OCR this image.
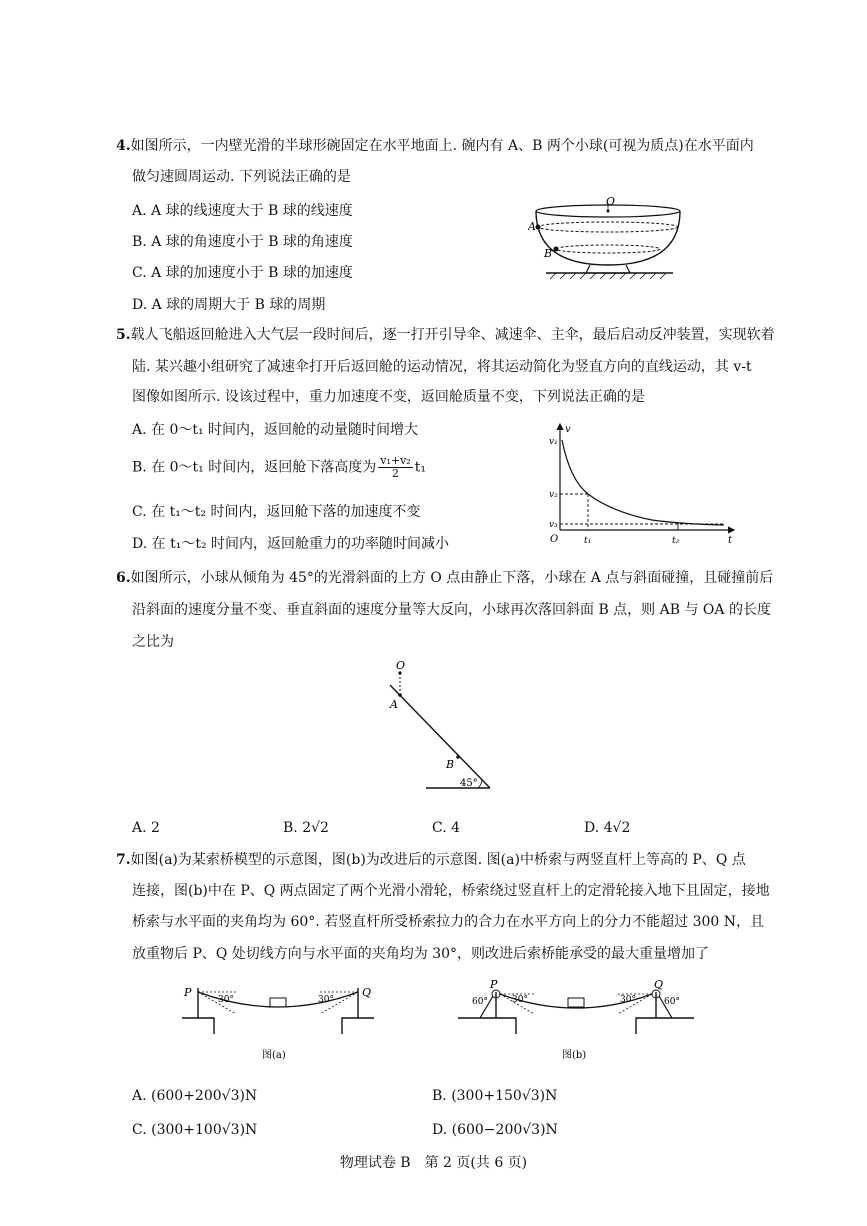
4.如图所示，一内壁光滑的半球形碗固定在水平地面上. 碗内有 A、B 两个小球(可视为质点)在水平面内
做匀速圆周运动. 下列说法正确的是
A. A 球的线速度大于 B 球的线速度
B. A 球的角速度小于 B 球的角速度
C. A 球的加速度小于 B 球的加速度
D. A 球的周期大于 B 球的周期
O
A
B
5.载人飞船返回舱进入大气层一段时间后，逐一打开引导伞、减速伞、主伞，最后启动反冲装置，实现软着
陆. 某兴趣小组研究了减速伞打开后返回舱的运动情况，将其运动简化为竖直方向的直线运动，其 v-t
图像如图所示. 设该过程中，重力加速度不变，返回舱质量不变，下列说法正确的是
A. 在 0～t₁ 时间内，返回舱的动量随时间增大
B. 在 0～t₁ 时间内，返回舱下落高度为 $\frac{\text{v₁+v₂}}{2} t_1$
C. 在 t₁～t₂ 时间内，返回舱下落的加速度不变
D. 在 t₁～t₂ 时间内，返回舱重力的功率随时间减小
v
v₁
v₂
v₃
O	t₁	t₂	t
6.如图所示，小球从倾角为 45°的光滑斜面的上方 O 点由静止下落，小球在 A 点与斜面碰撞，且碰撞前后
沿斜面的速度分量不变、垂直斜面的速度分量等大反向，小球再次落回斜面 B 点，则 AB 与 OA 的长度
之比为
O
A
B
45°
A. 2	B. 2√2	C. 4	D. 4√2
7.如图(a)为某索桥模型的示意图，图(b)为改进后的示意图. 图(a)中桥索与两竖直杆上等高的 P、Q 点
连接，图(b)中在 P、Q 两点固定了两个光滑小滑轮，桥索绕过竖直杆上的定滑轮接入地下且固定，接地
桥索与水平面的夹角均为 60°. 若竖直杆所受桥索拉力的合力在水平方向上的分力不能超过 300 N，且
放重物后 P、Q 处切线方向与水平面的夹角均为 30°，则改进后索桥能承受的最大重量增加了
P	Q
30°	30°
图(a)
P	Q
60°	60°
30°	30°
图(b)
A. (600+200√3)N	B. (300+150√3)N
C. (300+100√3)N	D. (600−200√3)N
物理试卷 B　第 2 页(共 6 页)
